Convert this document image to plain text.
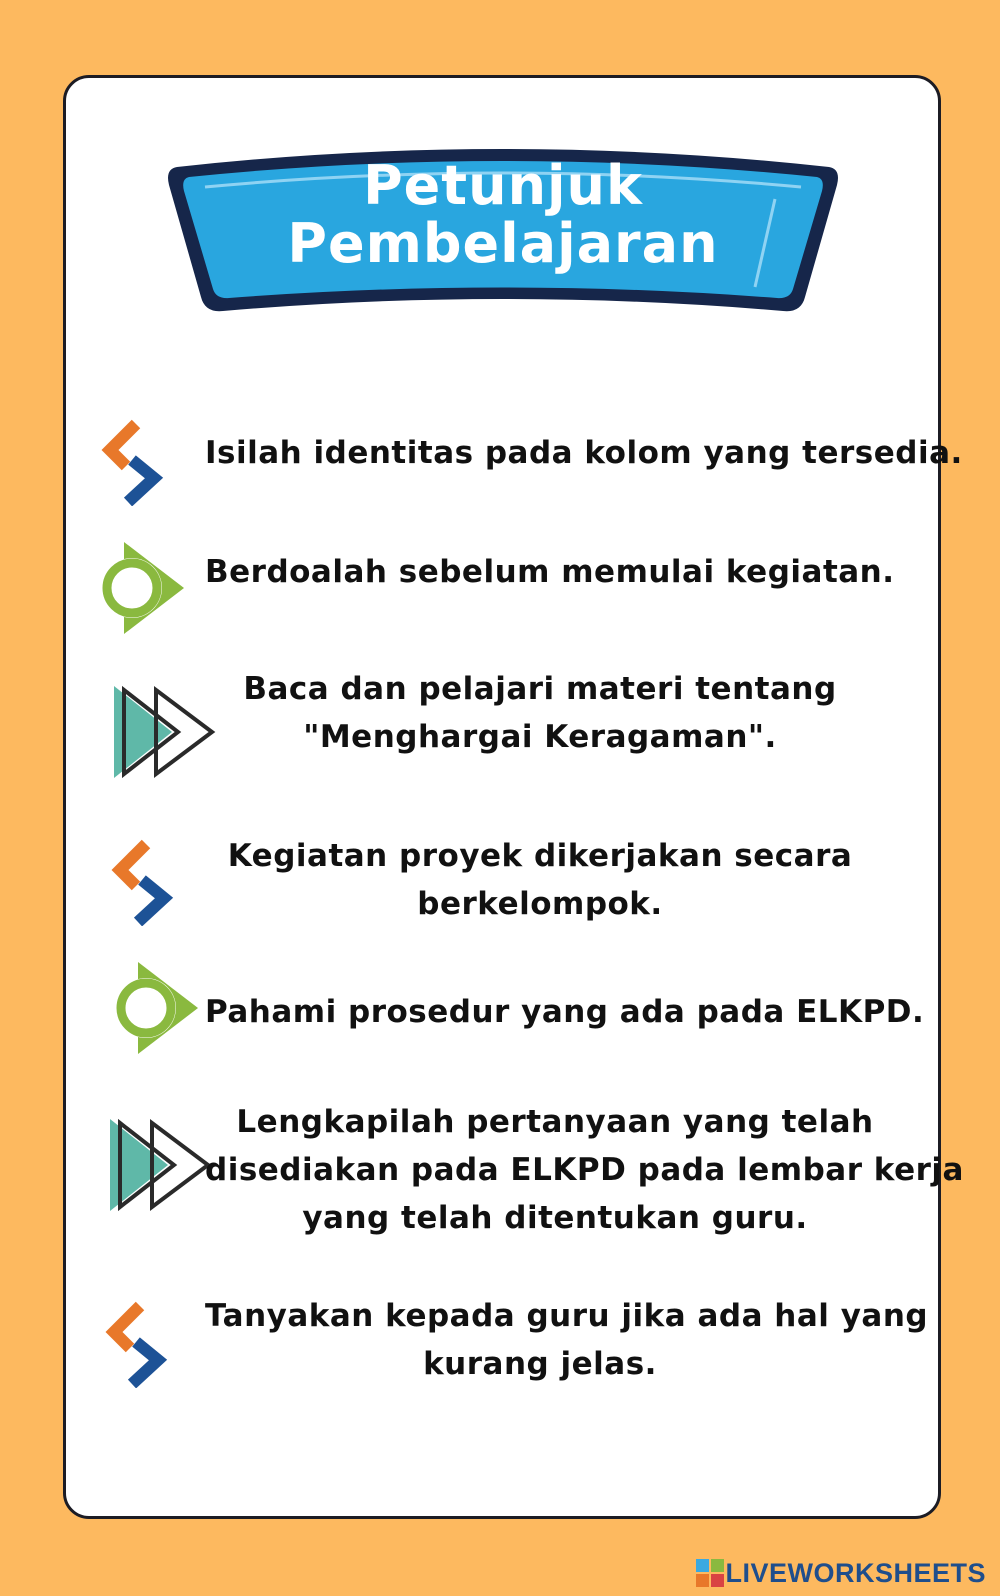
Petunjuk
Pembelajaran
Isilah identitas pada kolom yang tersedia.
Berdoalah sebelum memulai kegiatan.
Baca dan pelajari materi tentang
"Menghargai Keragaman".
Kegiatan proyek dikerjakan secara
berkelompok.
Pahami prosedur yang ada pada ELKPD.
Lengkapilah pertanyaan yang telah
disediakan pada ELKPD pada lembar kerja
yang telah ditentukan guru.
Tanyakan kepada guru jika ada hal yang
kurang jelas.
LIVEWORKSHEETS
